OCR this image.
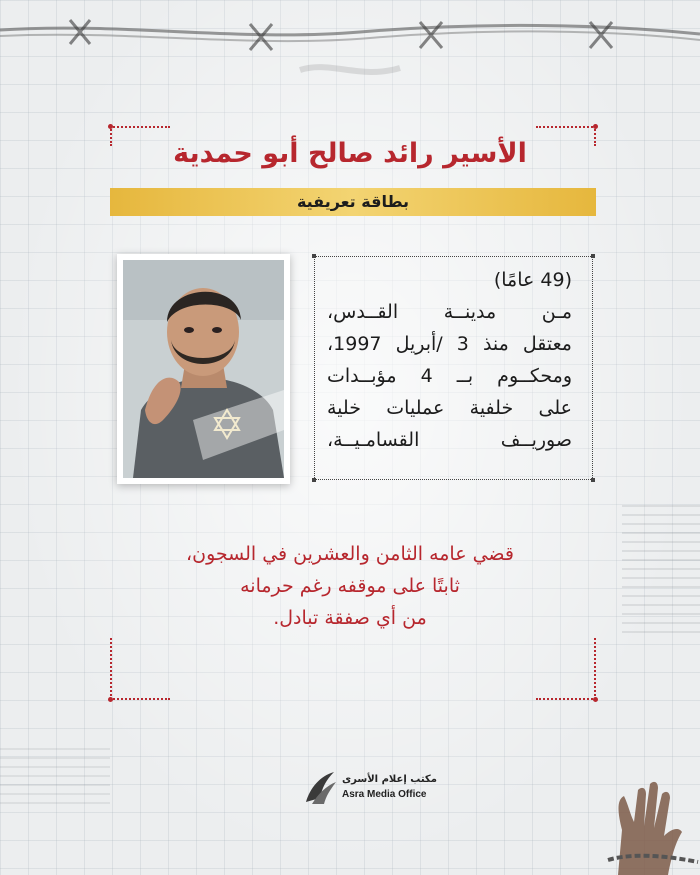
الأسير رائد صالح أبو حمدية
بطاقة تعريفية
(49 عامًا)
مـن مدينــة القــدس،
معتقل منذ 3 /أبريل 1997،
ومحكــوم بــ 4 مؤبــدات
على خلفية عمليات خلية
صوريــف القسامـيــة،
قضي عامه الثامن والعشرين في السجون،
ثابتًا على موقفه رغم حرمانه
من أي صفقة تبادل.
مكتب إعلام الأسرى
Asra Media Office
